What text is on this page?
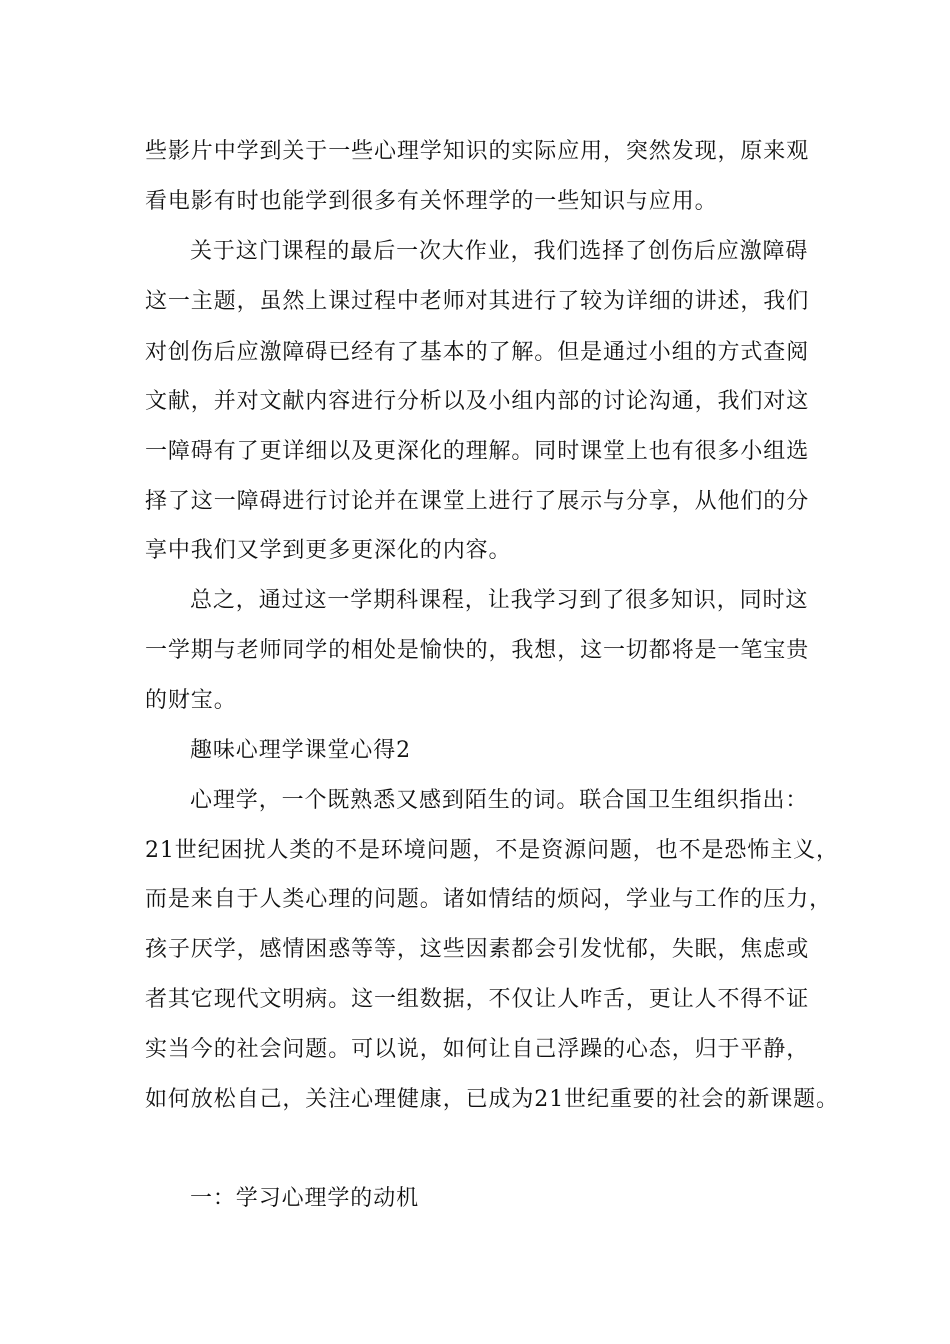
些影片中学到关于一些心理学知识的实际应用，突然发现，原来观
看电影有时也能学到很多有关怀理学的一些知识与应用。
关于这门课程的最后一次大作业，我们选择了创伤后应激障碍
这一主题，虽然上课过程中老师对其进行了较为详细的讲述，我们
对创伤后应激障碍已经有了基本的了解。但是通过小组的方式查阅
文献，并对文献内容进行分析以及小组内部的讨论沟通，我们对这
一障碍有了更详细以及更深化的理解。同时课堂上也有很多小组选
择了这一障碍进行讨论并在课堂上进行了展示与分享，从他们的分
享中我们又学到更多更深化的内容。
总之，通过这一学期科课程，让我学习到了很多知识，同时这
一学期与老师同学的相处是愉快的，我想，这一切都将是一笔宝贵
的财宝。
趣味心理学课堂心得2
心理学，一个既熟悉又感到陌生的词。联合国卫生组织指出：
21世纪困扰人类的不是环境问题，不是资源问题，也不是恐怖主义，
而是来自于人类心理的问题。诸如情结的烦闷，学业与工作的压力，
孩子厌学，感情困惑等等，这些因素都会引发忧郁，失眠，焦虑或
者其它现代文明病。这一组数据，不仅让人咋舌，更让人不得不证
实当今的社会问题。可以说，如何让自己浮躁的心态，归于平静，
如何放松自己，关注心理健康，已成为21世纪重要的社会的新课题。
一：学习心理学的动机
